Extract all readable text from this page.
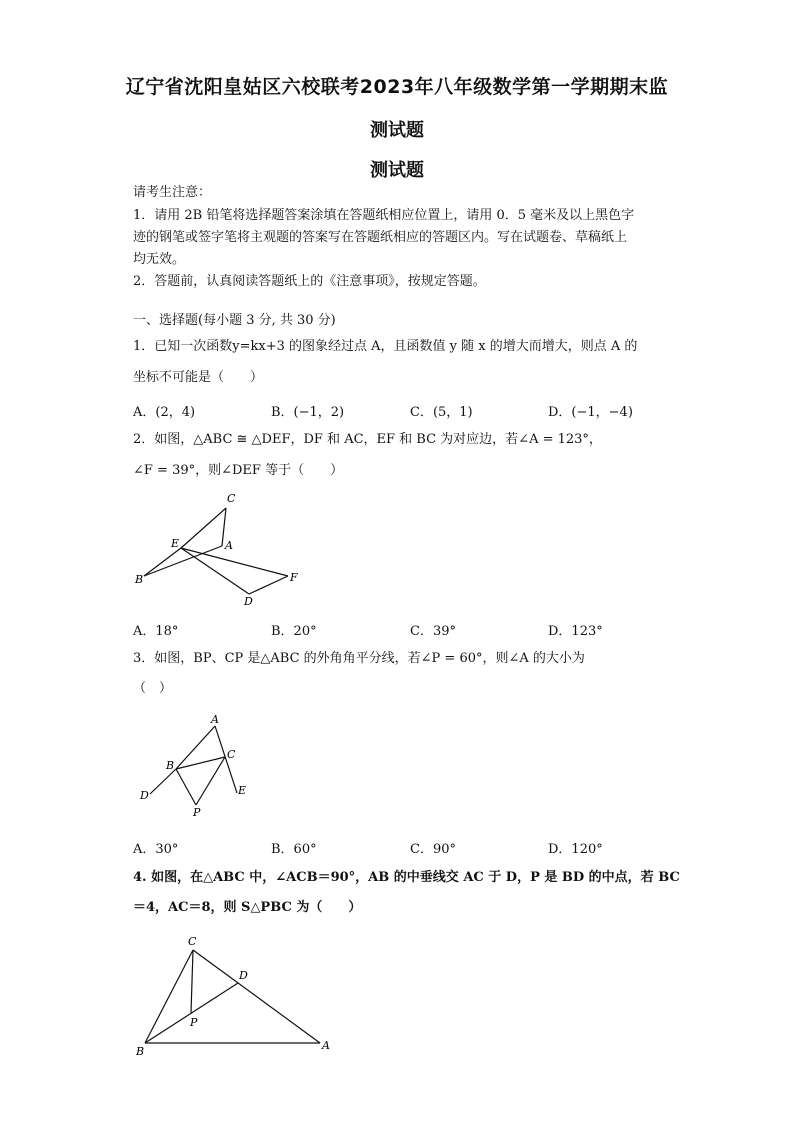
辽宁省沈阳皇姑区六校联考2023年八年级数学第一学期期末监
测试题
测试题
请考生注意：
1．请用 2B 铅笔将选择题答案涂填在答题纸相应位置上，请用 0．5 毫米及以上黑色字
迹的钢笔或签字笔将主观题的答案写在答题纸相应的答题区内。写在试题卷、草稿纸上
均无效。
2．答题前，认真阅读答题纸上的《注意事项》，按规定答题。
一、选择题(每小题 3 分, 共 30 分)
1．已知一次函数y=kx+3 的图象经过点 A，且函数值 y 随 x 的增大而增大，则点 A 的
坐标不可能是（　　）
A．(2，4)	B．(−1，2)	C．(5，1)	D．(−1，−4)
2．如图，△ABC ≅ △DEF，DF 和 AC，EF 和 BC 为对应边，若∠A = 123°，
∠F = 39°，则∠DEF 等于（　　）
C
E	A
B	F
D
A．18°	B．20°	C．39°	D．123°
3．如图，BP、CP 是△ABC 的外角角平分线，若∠P = 60°，则∠A 的大小为
（　）
A
B
C
D	E
P
A．30°	B．60°	C．90°	D．120°
4. 如图，在△ABC 中，∠ACB＝90°，AB 的中垂线交 AC 于 D，P 是 BD 的中点，若 BC
＝4，AC＝8，则 S△PBC 为（　　）
C
D
P
B	A
